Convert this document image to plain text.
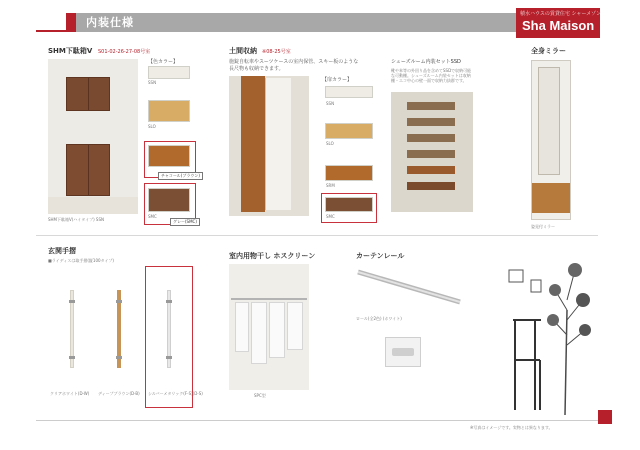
内装仕様
積水ハウスの賃貸住宅 シャーメゾン
Sha Maison
SHM下駄箱V S01-02-26-27-08号室
SHM下駄箱V(ハイタイプ) SSN
【色カラー】
SSN
SLO
チャコール(ブラウン)
SMC
グレー(SMC)
土間収納 ※08-25号室
施錠自転車やスーツケースの室内保管、スキー板のような
長尺物も収納できます。
【扉カラー】
SSN
SLO
SRM
SMC
シューズルーム内装セットSSD
靴や傘等の外回り品を含めてSSDで収納可能な可動棚。シューズルーム内装セットは収納棚・エコ中心の壁一面で収納力抜群です。
全身ミラー
姿見付ミラー
玄関手摺
■ライディスは取手摺(縦100タイプ)
クリアホワイト(D-W) ディープブラウン(D-B) シルバーメタリック(F-S)(D-S)
室内用物干し ホスクリーン
SPC型
カーテンレール
ロール(全2色) (ホワイト)
※写真はイメージです。実物とは異なります。
